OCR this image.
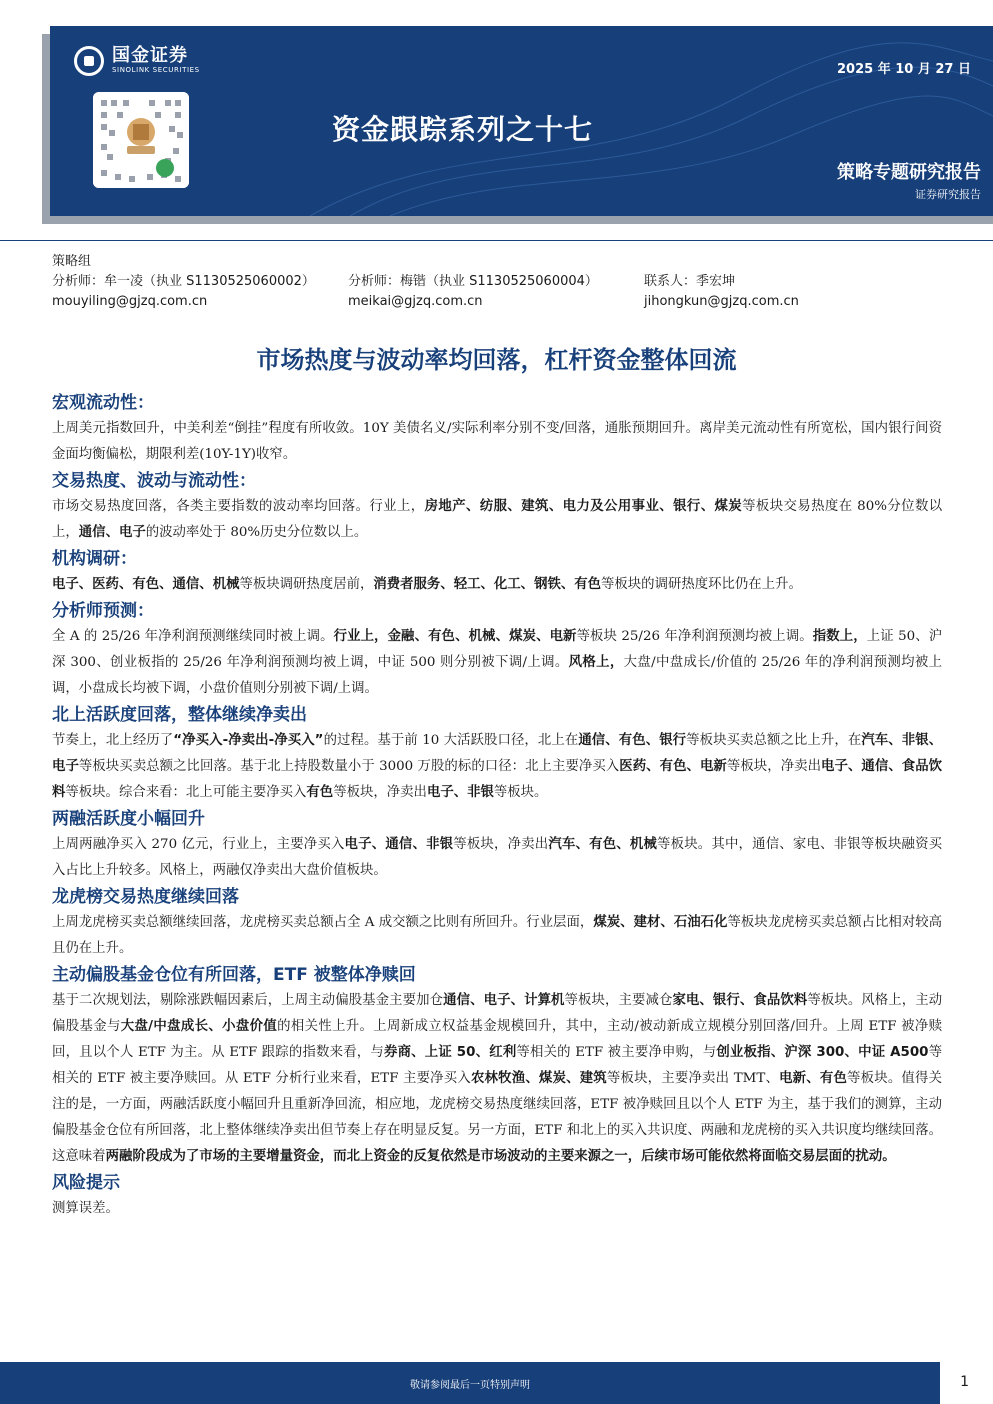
国金证券
SINOLINK SECURITIES	2025 年 10 月 27 日
资金跟踪系列之十七
策略专题研究报告
证券研究报告
策略组
分析师：牟一凌（执业 S1130525060002）	分析师：梅锴（执业 S1130525060004）	联系人：季宏坤
mouyiling@gjzq.com.cn	meikai@gjzq.com.cn	jihongkun@gjzq.com.cn
市场热度与波动率均回落，杠杆资金整体回流
宏观流动性：

上周美元指数回升，中美利差“倒挂”程度有所收敛。10Y 美债名义/实际利率分别不变/回落，通胀预期回升。离岸美元流动性有所宽松，国内银行间资金面均衡偏松，期限利差(10Y-1Y)收窄。

交易热度、波动与流动性：

市场交易热度回落，各类主要指数的波动率均回落。行业上，房地产、纺服、建筑、电力及公用事业、银行、煤炭等板块交易热度在 80%分位数以上，通信、电子的波动率处于 80%历史分位数以上。

机构调研：

电子、医药、有色、通信、机械等板块调研热度居前，消费者服务、轻工、化工、钢铁、有色等板块的调研热度环比仍在上升。

分析师预测：

全 A 的 25/26 年净利润预测继续同时被上调。行业上，金融、有色、机械、煤炭、电新等板块 25/26 年净利润预测均被上调。指数上，上证 50、沪深 300、创业板指的 25/26 年净利润预测均被上调，中证 500 则分别被下调/上调。风格上，大盘/中盘成长/价值的 25/26 年的净利润预测均被上调，小盘成长均被下调，小盘价值则分别被下调/上调。

北上活跃度回落，整体继续净卖出

节奏上，北上经历了“净买入-净卖出-净买入”的过程。基于前 10 大活跃股口径，北上在通信、有色、银行等板块买卖总额之比上升，在汽车、非银、电子等板块买卖总额之比回落。基于北上持股数量小于 3000 万股的标的口径：北上主要净买入医药、有色、电新等板块，净卖出电子、通信、食品饮料等板块。综合来看：北上可能主要净买入有色等板块，净卖出电子、非银等板块。

两融活跃度小幅回升

上周两融净买入 270 亿元，行业上，主要净买入电子、通信、非银等板块，净卖出汽车、有色、机械等板块。其中，通信、家电、非银等板块融资买入占比上升较多。风格上，两融仅净卖出大盘价值板块。

龙虎榜交易热度继续回落

上周龙虎榜买卖总额继续回落，龙虎榜买卖总额占全 A 成交额之比则有所回升。行业层面，煤炭、建材、石油石化等板块龙虎榜买卖总额占比相对较高且仍在上升。

主动偏股基金仓位有所回落，ETF 被整体净赎回

基于二次规划法，剔除涨跌幅因素后，上周主动偏股基金主要加仓通信、电子、计算机等板块，主要减仓家电、银行、食品饮料等板块。风格上，主动偏股基金与大盘/中盘成长、小盘价值的相关性上升。上周新成立权益基金规模回升，其中，主动/被动新成立规模分别回落/回升。上周 ETF 被净赎回，且以个人 ETF 为主。从 ETF 跟踪的指数来看，与券商、上证 50、红利等相关的 ETF 被主要净申购，与创业板指、沪深 300、中证 A500等相关的 ETF 被主要净赎回。从 ETF 分析行业来看，ETF 主要净买入农林牧渔、煤炭、建筑等板块，主要净卖出 TMT、电新、有色等板块。值得关注的是，一方面，两融活跃度小幅回升且重新净回流，相应地，龙虎榜交易热度继续回落，ETF 被净赎回且以个人 ETF 为主，基于我们的测算，主动偏股基金仓位有所回落，北上整体继续净卖出但节奏上存在明显反复。另一方面，ETF 和北上的买入共识度、两融和龙虎榜的买入共识度均继续回落。这意味着两融阶段成为了市场的主要增量资金，而北上资金的反复依然是市场波动的主要来源之一，后续市场可能依然将面临交易层面的扰动。

风险提示

测算误差。

敬请参阅最后一页特别声明	1
